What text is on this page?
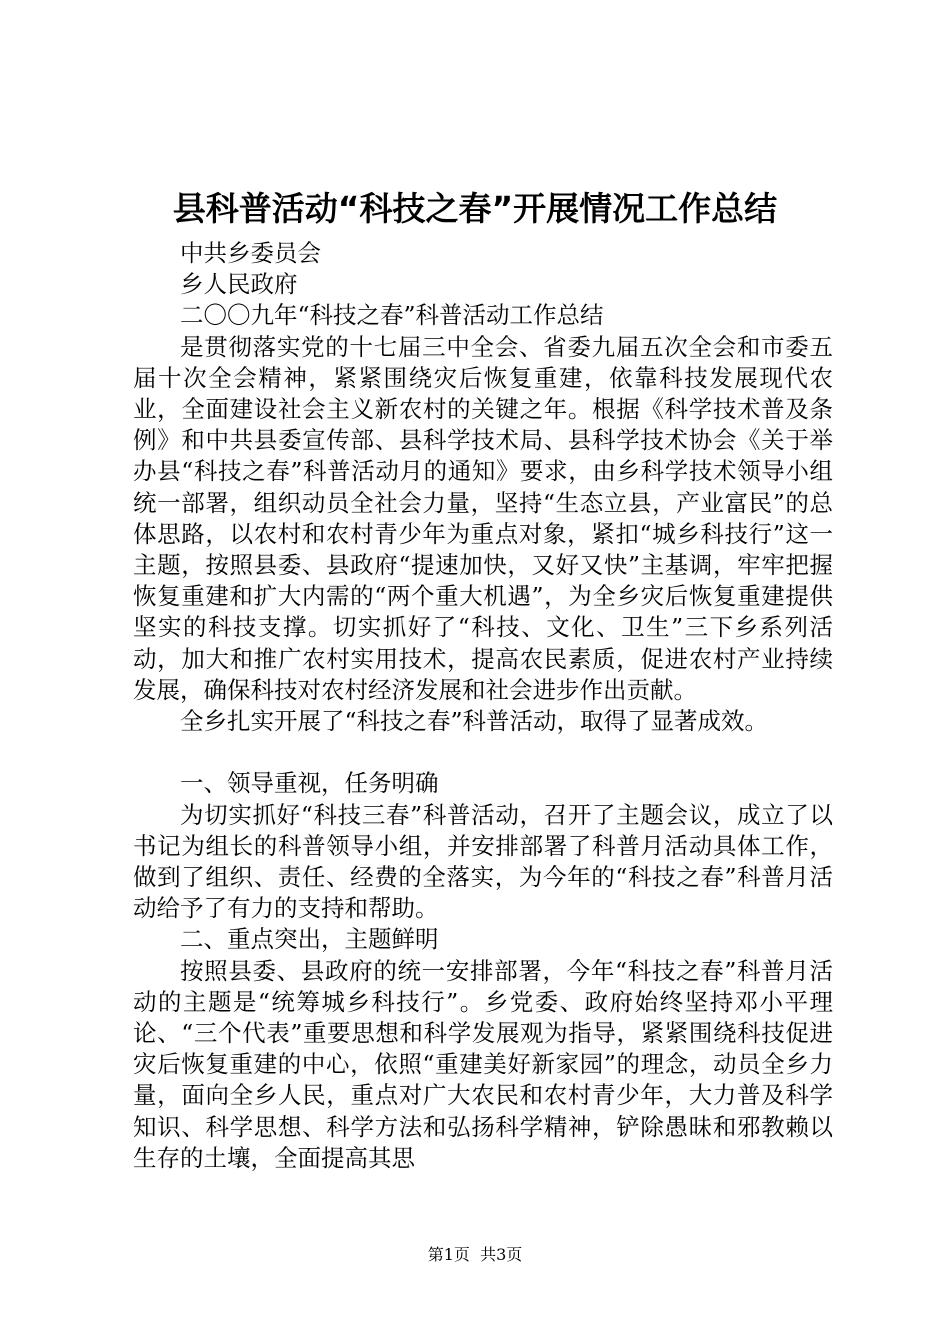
县科普活动“科技之春”开展情况工作总结

中共乡委员会

乡人民政府

二〇〇九年“科技之春”科普活动工作总结

是贯彻落实党的十七届三中全会、省委九届五次全会和市委五届十次全会精神，紧紧围绕灾后恢复重建，依靠科技发展现代农业，全面建设社会主义新农村的关键之年。根据《科学技术普及条例》和中共县委宣传部、县科学技术局、县科学技术协会《关于举办县“科技之春”科普活动月的通知》要求，由乡科学技术领导小组统一部署，组织动员全社会力量，坚持“生态立县，产业富民”的总体思路，以农村和农村青少年为重点对象，紧扣“城乡科技行”这一主题，按照县委、县政府“提速加快，又好又快”主基调，牢牢把握恢复重建和扩大内需的“两个重大机遇”，为全乡灾后恢复重建提供坚实的科技支撑。切实抓好了“科技、文化、卫生”三下乡系列活动，加大和推广农村实用技术，提高农民素质，促进农村产业持续发展，确保科技对农村经济发展和社会进步作出贡献。

全乡扎实开展了“科技之春”科普活动，取得了显著成效。

一、领导重视，任务明确

为切实抓好“科技三春”科普活动，召开了主题会议，成立了以书记为组长的科普领导小组，并安排部署了科普月活动具体工作，做到了组织、责任、经费的全落实，为今年的“科技之春”科普月活动给予了有力的支持和帮助。

二、重点突出，主题鲜明

按照县委、县政府的统一安排部署，今年“科技之春”科普月活动的主题是“统筹城乡科技行”。乡党委、政府始终坚持邓小平理论、“三个代表”重要思想和科学发展观为指导，紧紧围绕科技促进灾后恢复重建的中心，依照“重建美好新家园”的理念，动员全乡力量，面向全乡人民，重点对广大农民和农村青少年，大力普及科学知识、科学思想、科学方法和弘扬科学精神，铲除愚昧和邪教赖以生存的土壤，全面提高其思

第1页  共3页
